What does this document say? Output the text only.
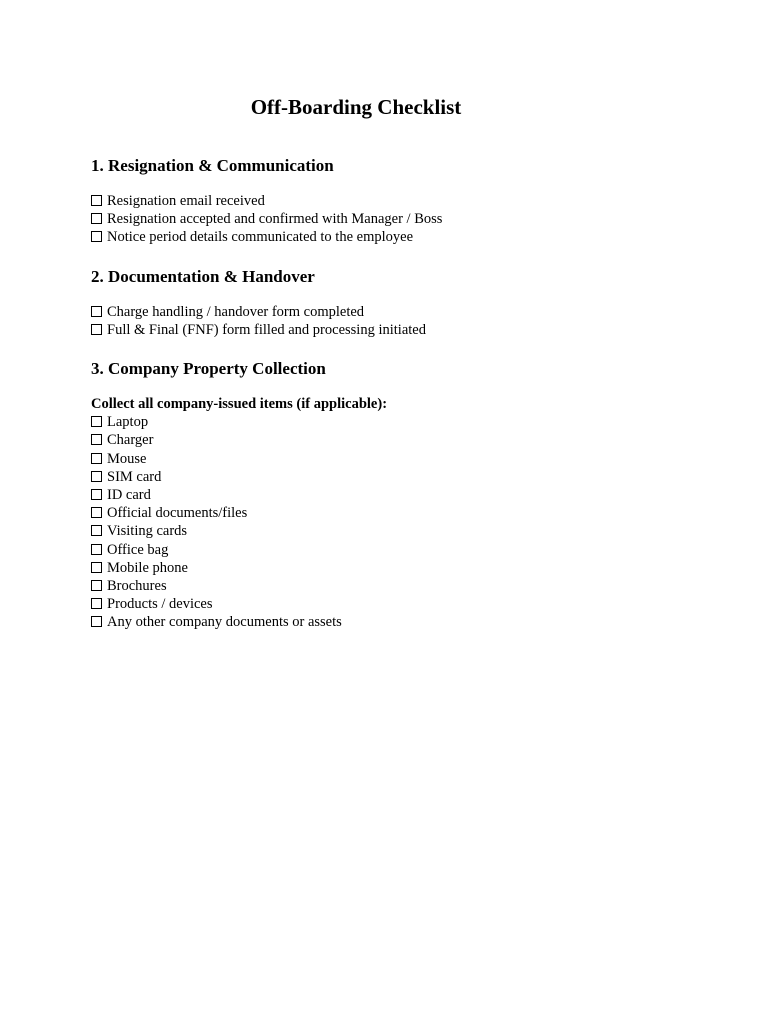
Off-Boarding Checklist
1. Resignation & Communication
Resignation email received
Resignation accepted and confirmed with Manager / Boss
Notice period details communicated to the employee
2. Documentation & Handover
Charge handling / handover form completed
Full & Final (FNF) form filled and processing initiated
3. Company Property Collection

Collect all company-issued items (if applicable):

Laptop
Charger
Mouse
SIM card
ID card
Official documents/files
Visiting cards
Office bag
Mobile phone
Brochures
Products / devices
Any other company documents or assets
